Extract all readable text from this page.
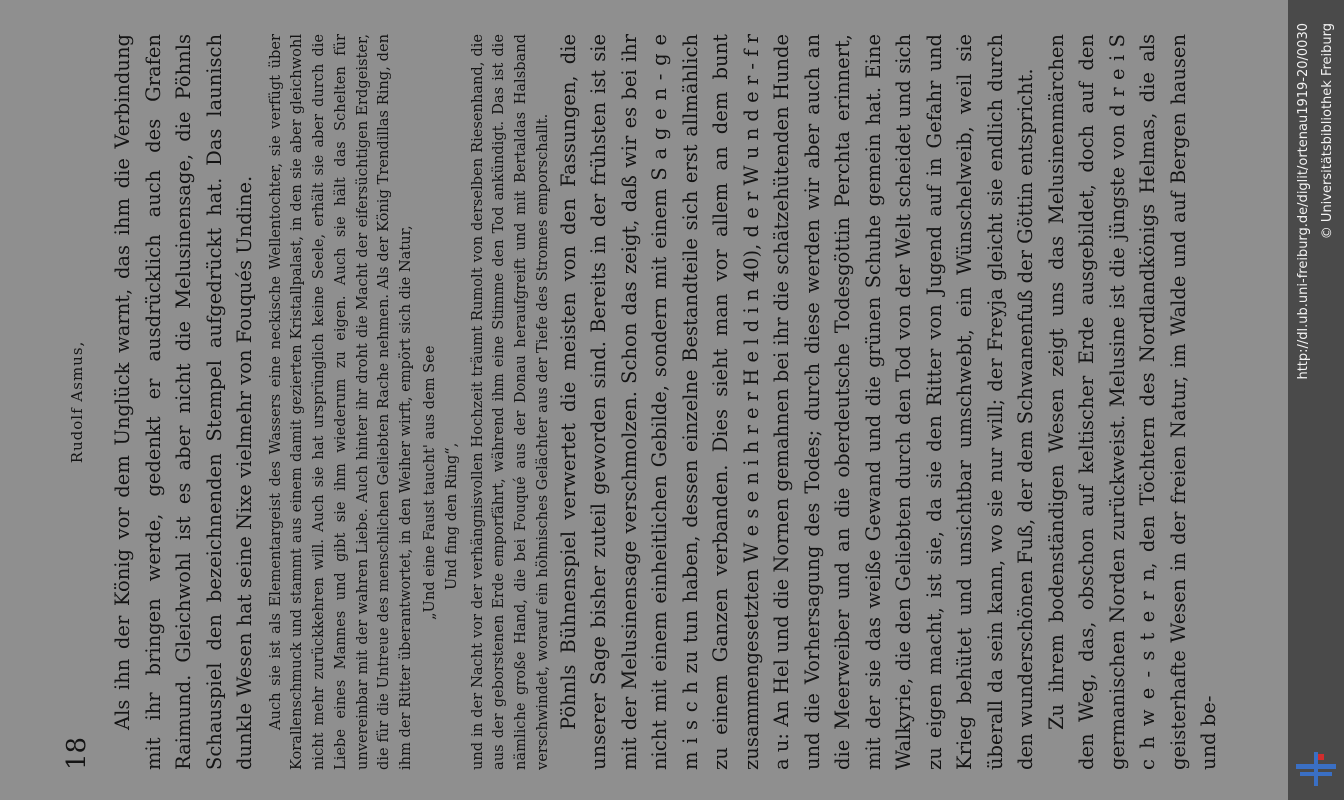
18
Rudolf Asmus, Als ihn der König vor dem Unglück warnt, das ihm die Verbindung mit ihr bringen werde, gedenkt er ausdrücklich auch des Grafen Raimund. Gleichwohl ist es aber nicht die Melusinensage, die Pöhnls Schauspiel den bezeichnenden Stempel aufgedrückt hat. Das launisch dunkle Wesen hat seine Nixe vielmehr von Fouqués Undine. Auch sie ist als Elementargeist des Wassers eine neckische Wellentochter, sie verfügt über Korallenschmuck und stammt aus einem damit gezierten Kristallpalast, in den sie aber gleichwohl nicht mehr zurückkehren will. Auch sie hat ursprünglich keine Seele, erhält sie aber durch die Liebe eines Mannes und gibt sie ihm wiederum zu eigen. Auch sie hält das Schelten für unvereinbar mit der wahren Liebe. Auch hinter ihr droht die Macht der eifersüchtigen Erdgeister, die für die Untreue des menschlichen Geliebten Rache nehmen. Als der König Trendillas Ring, den ihm der Ritter überantwortet, in den Weiher wirft, empört sich die Natur, „Und eine Faust taucht' aus dem See Und fing den Ring“, und in der Nacht vor der verhängnisvollen Hochzeit träumt Rumolt von derselben Riesenhand, die aus der geborstenen Erde emporfährt, während ihm eine Stimme den Tod ankündigt. Das ist die nämliche große Hand, die bei Fouqué aus der Donau heraufgreift und mit Bertaldas Halsband verschwindet, worauf ein höhnisches Gelächter aus der Tiefe des Stromes emporschallt. Pöhnls Bühnenspiel verwertet die meisten von den Fassungen, die unserer Sage bisher zuteil geworden sind. Bereits in der frühsten ist sie mit der Melusinensage verschmolzen. Schon das zeigt, daß wir es bei ihr nicht mit einem einheitlichen Gebilde, sondern mit einem S a g e n - g e m i s c h zu tun haben, dessen einzelne Bestandteile sich erst allmählich zu einem Ganzen verbanden. Dies sieht man vor allem an dem bunt zusammengesetzten W e s e n i h r e r H e l d i n 40), d e r W u n d e r - f r a u: An Hel und die Nornen gemahnen bei ihr die schätzehütenden Hunde und die Vorhersagung des Todes; durch diese werden wir aber auch an die Meerweiber und an die oberdeutsche Todesgöttin Perchta erinnert, mit der sie das weiße Gewand und die grünen Schuhe gemein hat. Eine Walkyrie, die den Geliebten durch den Tod von der Welt scheidet und sich zu eigen macht, ist sie, da sie den Ritter von Jugend auf in Gefahr und Krieg behütet und unsichtbar umschwebt, ein Wünschelweib, weil sie überall da sein kann, wo sie nur will; der Freyja gleicht sie endlich durch den wunderschönen Fuß, der dem Schwanenfuß der Göttin entspricht. Zu ihrem bodenständigen Wesen zeigt uns das Melusinenmärchen den Weg, das, obschon auf keltischer Erde ausgebildet, doch auf den germanischen Norden zurückweist. Melusine ist die jüngste von d r e i S c h w e - s t e r n, den Töchtern des Nordlandkönigs Helmas, die als geisterhafte Wesen in der freien Natur, im Walde und auf Bergen hausen und be-

http://dl.ub.uni-freiburg.de/diglit/ortenau1919-20/0030 © Universitätsbibliothek Freiburg
